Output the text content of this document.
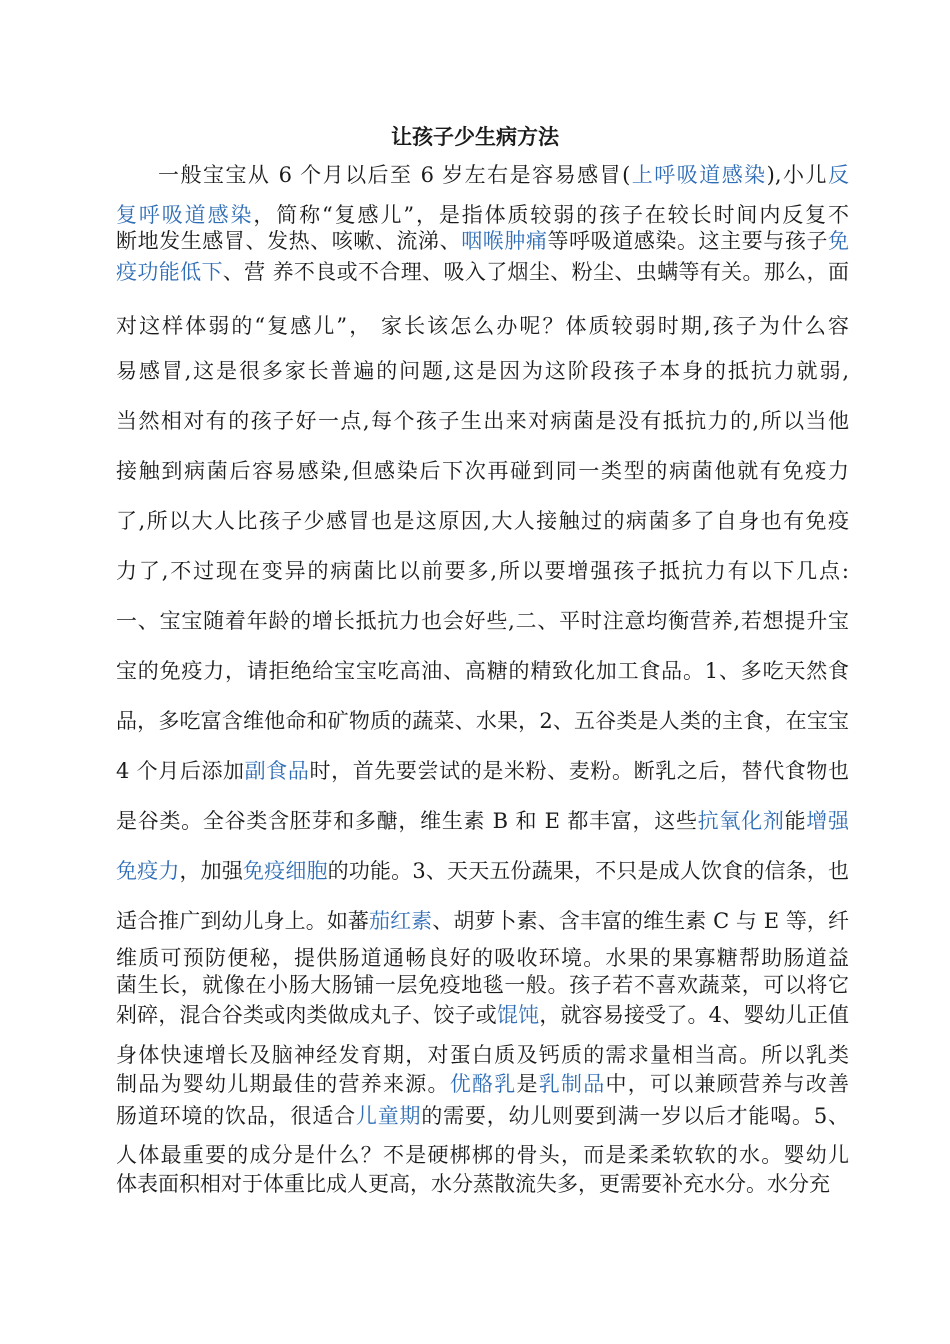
让孩子少生病方法
一般宝宝从 6 个月以后至 6 岁左右是容易感冒(上呼吸道感染),小儿反
复呼吸道感染，简称“复感儿”，是指体质较弱的孩子在较长时间内反复不
断地发生感冒、发热、咳嗽、流涕、咽喉肿痛等呼吸道感染。这主要与孩子免
疫功能低下、营 养不良或不合理、吸入了烟尘、粉尘、虫螨等有关。那么，面
对这样体弱的“复感儿”， 家长该怎么办呢？体质较弱时期,孩子为什么容
易感冒,这是很多家长普遍的问题,这是因为这阶段孩子本身的抵抗力就弱,
当然相对有的孩子好一点,每个孩子生出来对病菌是没有抵抗力的,所以当他
接触到病菌后容易感染,但感染后下次再碰到同一类型的病菌他就有免疫力
了,所以大人比孩子少感冒也是这原因,大人接触过的病菌多了自身也有免疫
力了,不过现在变异的病菌比以前要多,所以要增强孩子抵抗力有以下几点:
一、宝宝随着年龄的增长抵抗力也会好些,二、平时注意均衡营养,若想提升宝
宝的免疫力，请拒绝给宝宝吃高油、高糖的精致化加工食品。1、多吃天然食
品，多吃富含维他命和矿物质的蔬菜、水果，2、五谷类是人类的主食，在宝宝
4 个月后添加副食品时，首先要尝试的是米粉、麦粉。断乳之后，替代食物也
是谷类。全谷类含胚芽和多醣，维生素 B 和 E 都丰富，这些抗氧化剂能增强
免疫力，加强免疫细胞的功能。3、天天五份蔬果，不只是成人饮食的信条，也
适合推广到幼儿身上。如蕃茄红素、胡萝卜素、含丰富的维生素 C 与 E 等，纤
维质可预防便秘，提供肠道通畅良好的吸收环境。水果的果寡糖帮助肠道益
菌生长，就像在小肠大肠铺一层免疫地毯一般。孩子若不喜欢蔬菜，可以将它
剁碎，混合谷类或肉类做成丸子、饺子或馄饨，就容易接受了。4、婴幼儿正值
身体快速增长及脑神经发育期，对蛋白质及钙质的需求量相当高。所以乳类
制品为婴幼儿期最佳的营养来源。优酪乳是乳制品中，可以兼顾营养与改善
肠道环境的饮品，很适合儿童期的需要，幼儿则要到满一岁以后才能喝。5、
人体最重要的成分是什么？不是硬梆梆的骨头，而是柔柔软软的水。婴幼儿
体表面积相对于体重比成人更高，水分蒸散流失多，更需要补充水分。水分充
